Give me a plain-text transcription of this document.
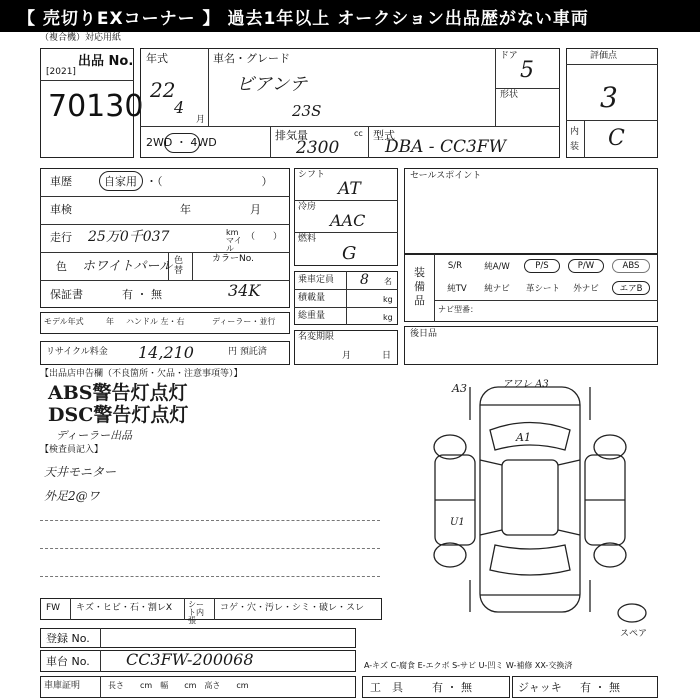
【 売切りEXコーナー 】 過去1年以上 オークション出品歴がない車両
（複合機）対応用紙
出品 No.
[2021]
70130
年式
22
4
月
車名・グレード
ビアンテ
23S
ドア
5
形状
2WD ・ 4WD
排気量	cc
2300
型式
DBA - CC3FW
評価点
3
内
装 C
車歴	自家用 ・（　　　　　　　　　）
車検	年	月
走行 25万0千037	km マイル
（　　）
色 ホワイトパール 色替
カラーNo.
34K
保証書	有 ・ 無
モデル年式	年 ハンドル 左・右	ディーラー・並行
リサイクル料金 14,210	円 預託済
シフト
AT
冷房
AAC
燃料
G
乗車定員 8 名
積載量	kg
総重量	kg
名変期限
月	日
セールスポイント
装備品
S/R	純A/W	P/S	P/W	ABS
純TV	純ナビ	革シート	外ナビ	エアB
ナビ型番：
後日品
【出品店申告欄（不良箇所・欠品・注意事項等）】
ABS警告灯点灯
DSC警告灯点灯
ディーラー出品
【検査員記入】
天井モニター
外足2@ワ
A3	アワレ A3
A1
U1
スペア
FW キズ・ヒビ・石・割レX シート内張
コゲ・穴・汚レ・シミ・破レ・スレ
登録 No.
車台 No. CC3FW-200068	A-キズ C-腐食 E-エクボ S-サビ U-凹ミ W-補修 XX-交換済
車庫証明	長さ　　cm　幅　　cm　高さ　　cm	工　具	有 ・ 無	ジャッキ 有 ・ 無
